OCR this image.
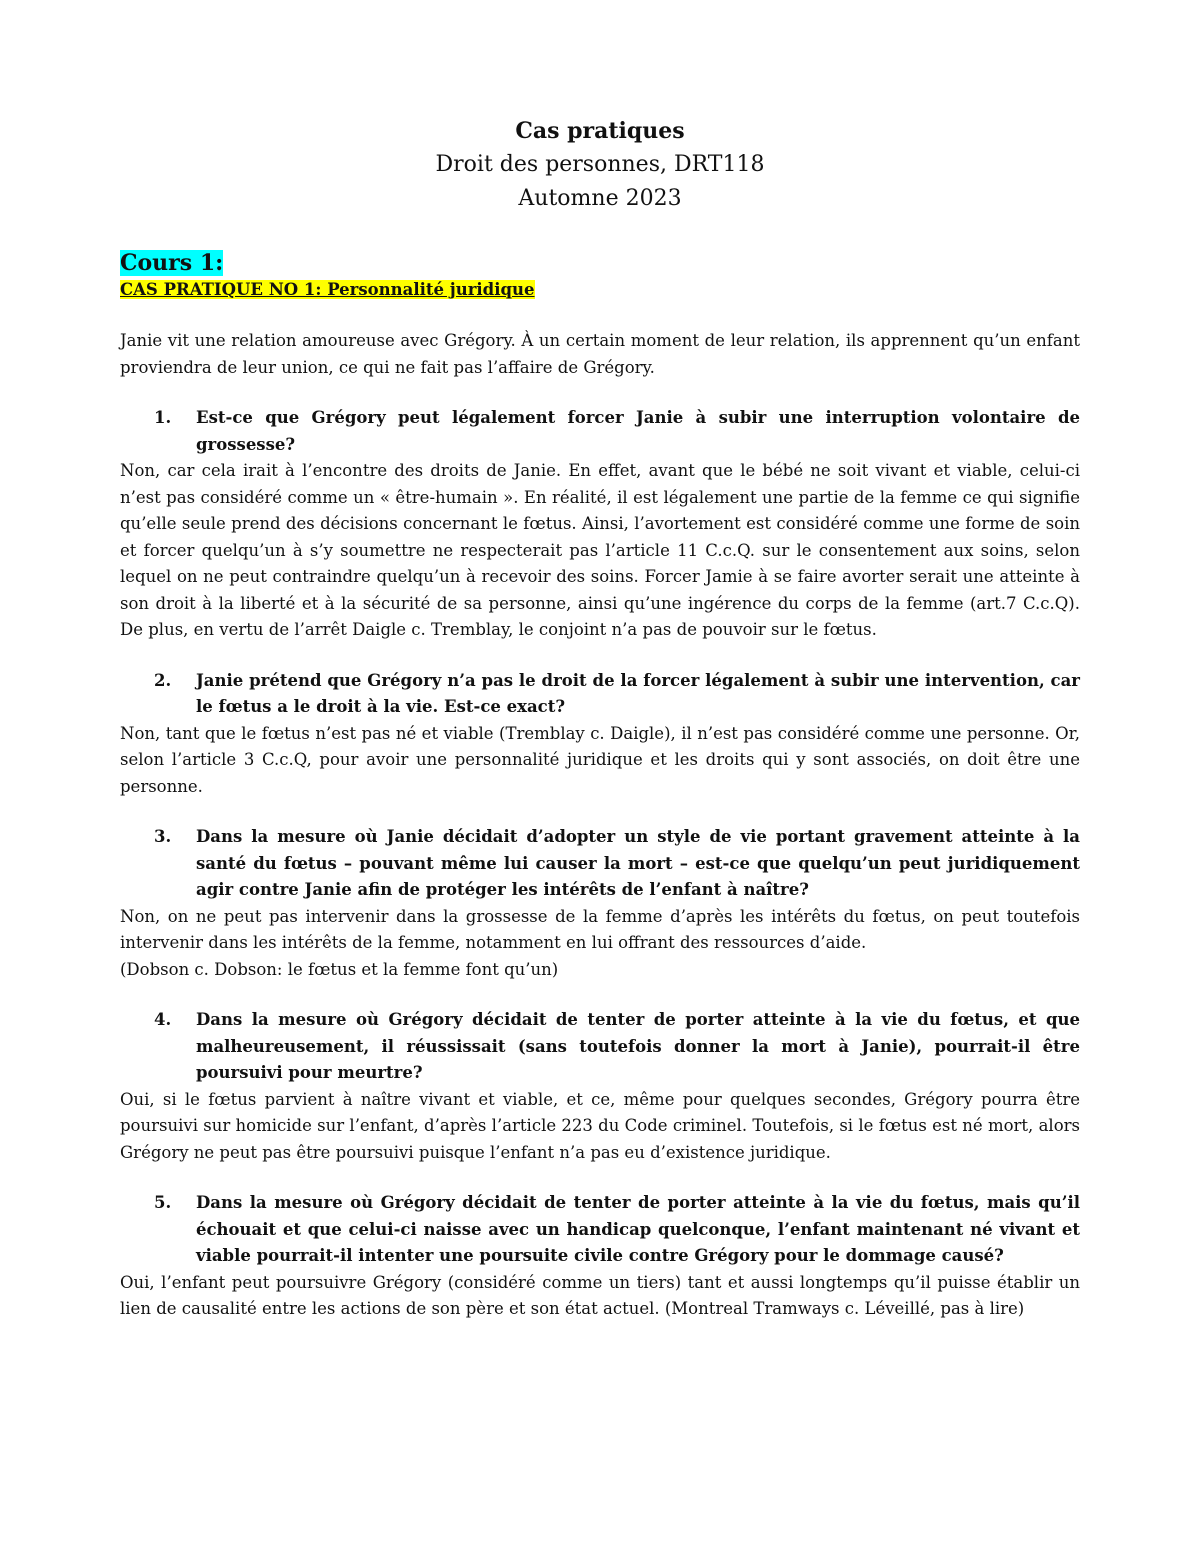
Cas pratiques
Droit des personnes, DRT118
Automne 2023
Cours 1:
CAS PRATIQUE NO 1: Personnalité juridique
Janie vit une relation amoureuse avec Grégory. À un certain moment de leur relation, ils apprennent qu’un enfant proviendra de leur union, ce qui ne fait pas l’affaire de Grégory.
1.	Est-ce que Grégory peut légalement forcer Janie à subir une interruption volontaire de grossesse?
Non, car cela irait à l’encontre des droits de Janie. En effet, avant que le bébé ne soit vivant et viable, celui-ci n’est pas considéré comme un « être-humain ». En réalité, il est légalement une partie de la femme ce qui signifie qu’elle seule prend des décisions concernant le fœtus. Ainsi, l’avortement est considéré comme une forme de soin et forcer quelqu’un à s’y soumettre ne respecterait pas l’article 11 C.c.Q. sur le consentement aux soins, selon lequel on ne peut contraindre quelqu’un à recevoir des soins. Forcer Jamie à se faire avorter serait une atteinte à son droit à la liberté et à la sécurité de sa personne, ainsi qu’une ingérence du corps de la femme (art.7 C.c.Q). De plus, en vertu de l’arrêt Daigle c. Tremblay, le conjoint n’a pas de pouvoir sur le fœtus.
2.	Janie prétend que Grégory n’a pas le droit de la forcer légalement à subir une intervention, car le fœtus a le droit à la vie. Est-ce exact?
Non, tant que le fœtus n’est pas né et viable (Tremblay c. Daigle), il n’est pas considéré comme une personne. Or, selon l’article 3 C.c.Q, pour avoir une personnalité juridique et les droits qui y sont associés, on doit être une personne.
3.	Dans la mesure où Janie décidait d’adopter un style de vie portant gravement atteinte à la santé du fœtus – pouvant même lui causer la mort – est-ce que quelqu’un peut juridiquement agir contre Janie afin de protéger les intérêts de l’enfant à naître?
Non, on ne peut pas intervenir dans la grossesse de la femme d’après les intérêts du fœtus, on peut toutefois intervenir dans les intérêts de la femme, notamment en lui offrant des ressources d’aide.
(Dobson c. Dobson: le fœtus et la femme font qu’un)
4.	Dans la mesure où Grégory décidait de tenter de porter atteinte à la vie du fœtus, et que malheureusement, il réussissait (sans toutefois donner la mort à Janie), pourrait-il être poursuivi pour meurtre?
Oui, si le fœtus parvient à naître vivant et viable, et ce, même pour quelques secondes, Grégory pourra être poursuivi sur homicide sur l’enfant, d’après l’article 223 du Code criminel. Toutefois, si le fœtus est né mort, alors Grégory ne peut pas être poursuivi puisque l’enfant n’a pas eu d’existence juridique.
5.	Dans la mesure où Grégory décidait de tenter de porter atteinte à la vie du fœtus, mais qu’il échouait et que celui-ci naisse avec un handicap quelconque, l’enfant maintenant né vivant et viable pourrait-il intenter une poursuite civile contre Grégory pour le dommage causé?
Oui, l’enfant peut poursuivre Grégory (considéré comme un tiers) tant et aussi longtemps qu’il puisse établir un lien de causalité entre les actions de son père et son état actuel. (Montreal Tramways c. Léveillé, pas à lire)
